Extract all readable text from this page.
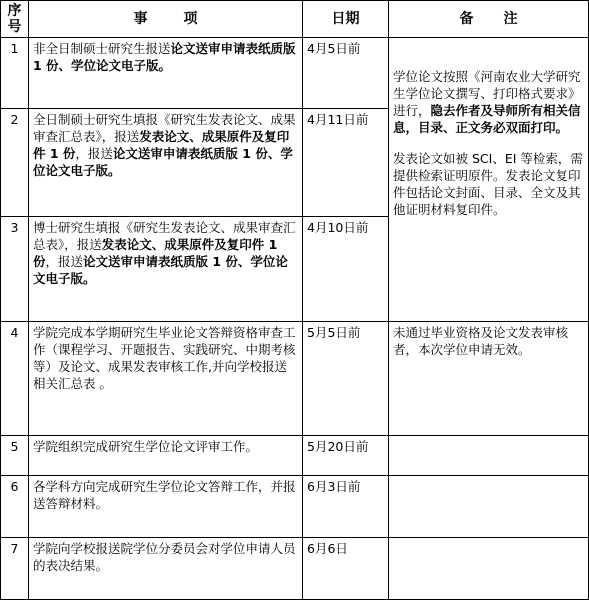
序
号	事项	日期	备注
1	非全日制硕士研究生报送论文送审申请表纸质版 1 份、学位论文电子版。	4月5日前	学位论文按照《河南农业大学研究生学位论文撰写、打印格式要求》进行，隐去作者及导师所有相关信息，目录、正文务必双面打印。
发表论文如被 SCI、EI 等检索，需提供检索证明原件。发表论文复印件包括论文封面、目录、全文及其他证明材料复印件。

2	全日制硕士研究生填报《研究生发表论文、成果审查汇总表》，报送发表论文、成果原件及复印件 1 份，报送论文送审申请表纸质版 1 份、学位论文电子版。	4月11日前	
3	博士研究生填报《研究生发表论文、成果审查汇总表》，报送发表论文、成果原件及复印件 1 份，报送论文送审申请表纸质版 1 份、学位论文电子版。	4月10日前	
4	学院完成本学期研究生毕业论文答辩资格审查工作（课程学习、开题报告、实践研究、中期考核等）及论文、成果发表审核工作,并向学校报送相关汇总表 。	5月5日前	未通过毕业资格及论文发表审核者，本次学位申请无效。
5	学院组织完成研究生学位论文评审工作。	5月20日前	
6	各学科方向完成研究生学位论文答辩工作，并报送答辩材料。	6月3日前	
7	学院向学校报送院学位分委员会对学位申请人员的表决结果。	6月6日	
